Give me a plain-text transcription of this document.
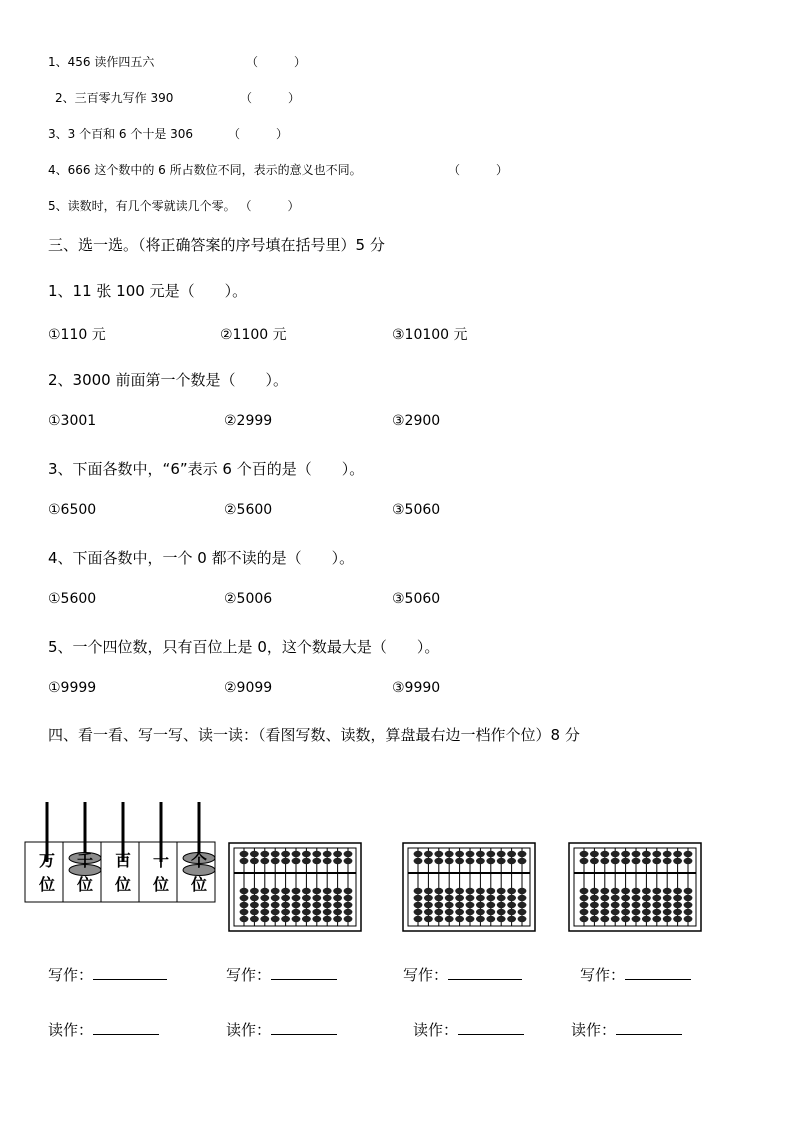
1、456 读作四五六	（　　　）
2、三百零九写作 390	（　　　）
3、3 个百和 6 个十是 306	（　　　）
4、666 这个数中的 6 所占数位不同，表示的意义也不同。	（　　　）
5、读数时，有几个零就读几个零。 （　　　）
三、选一选。（将正确答案的序号填在括号里）5 分
1、11 张 100 元是（　　）。
①110 元	②1100 元	③10100 元
2、3000 前面第一个数是（　　）。
①3001	②2999	③2900
3、下面各数中，“6”表示 6 个百的是（　　）。
①6500	②5600	③5060
4、下面各数中，一个 0 都不读的是（　　）。
①5600	②5006	③5060
5、一个四位数，只有百位上是 0，这个数最大是（　　）。
①9999	②9099	③9990
四、看一看、写一写、读一读：（看图写数、读数，算盘最右边一档作个位）8 分
万
位
千
位
百
位
十
位
个
位
写作：	写作：	写作：	写作：
读作：	读作：	读作：	读作：
